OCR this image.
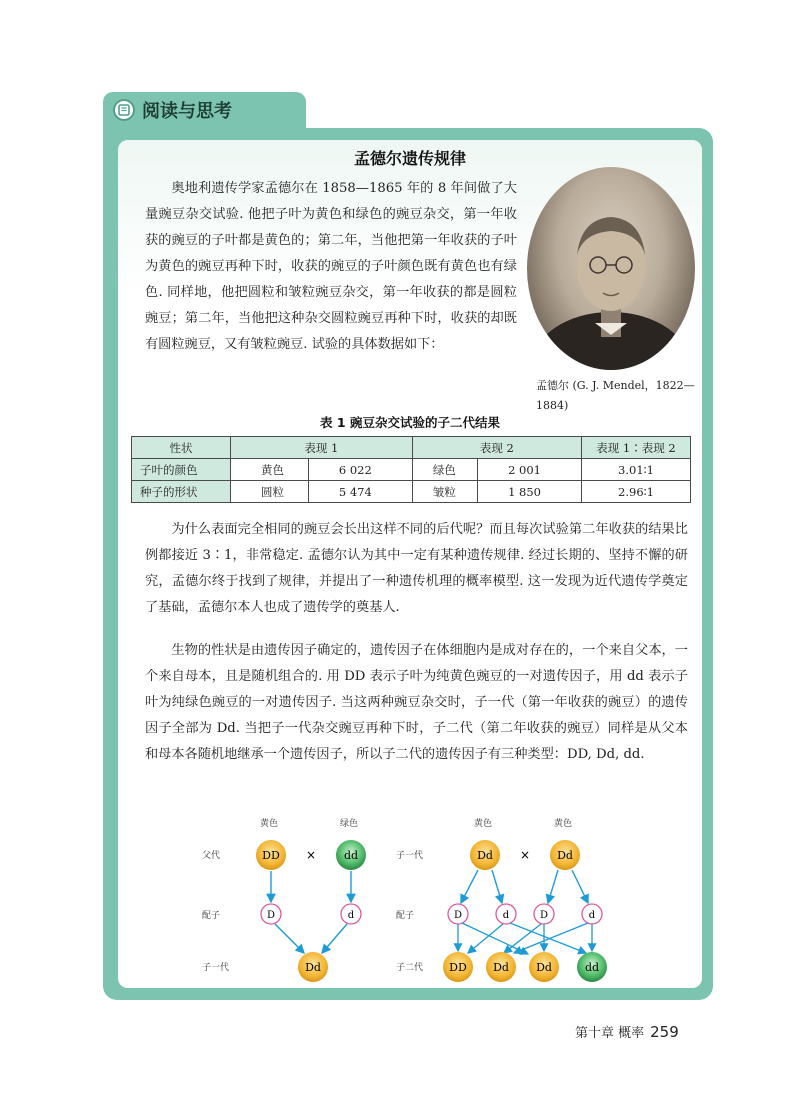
阅读与思考
孟德尔遗传规律
奥地利遗传学家孟德尔在 1858—1865 年的 8 年间做了大量豌豆杂交试验. 他把子叶为黄色和绿色的豌豆杂交，第一年收获的豌豆的子叶都是黄色的；第二年，当他把第一年收获的子叶为黄色的豌豆再种下时，收获的豌豆的子叶颜色既有黄色也有绿色. 同样地，他把圆粒和皱粒豌豆杂交，第一年收获的都是圆粒豌豆；第二年，当他把这种杂交圆粒豌豆再种下时，收获的却既有圆粒豌豆，又有皱粒豌豆. 试验的具体数据如下：
孟德尔 (G. J. Mendel，1822—1884)
表 1 豌豆杂交试验的子二代结果
性状	表现 1		表现 2		表现 1∶表现 2
子叶的颜色	黄色	6 022	绿色	2 001	3.01∶1
种子的形状	圆粒	5 474	皱粒	1 850	2.96∶1
为什么表面完全相同的豌豆会长出这样不同的后代呢？而且每次试验第二年收获的结果比例都接近 3∶1，非常稳定. 孟德尔认为其中一定有某种遗传规律. 经过长期的、坚持不懈的研究，孟德尔终于找到了规律，并提出了一种遗传机理的概率模型. 这一发现为近代遗传学奠定了基础，孟德尔本人也成了遗传学的奠基人.
生物的性状是由遗传因子确定的，遗传因子在体细胞内是成对存在的，一个来自父本，一个来自母本，且是随机组合的. 用 DD 表示子叶为纯黄色豌豆的一对遗传因子，用 dd 表示子叶为纯绿色豌豆的一对遗传因子. 当这两种豌豆杂交时，子一代（第一年收获的豌豆）的遗传因子全部为 Dd. 当把子一代杂交豌豆再种下时，子二代（第二年收获的豌豆）同样是从父本和母本各随机地继承一个遗传因子，所以子二代的遗传因子有三种类型：DD, Dd, dd.
黄色	绿色
父代
配子
子一代
DD ×	dd
D	d
Dd
黄色	黄色
子一代
配子
子二代
Dd × Dd
D	d	D	d
DD Dd Dd	dd
第十章 概率 259
